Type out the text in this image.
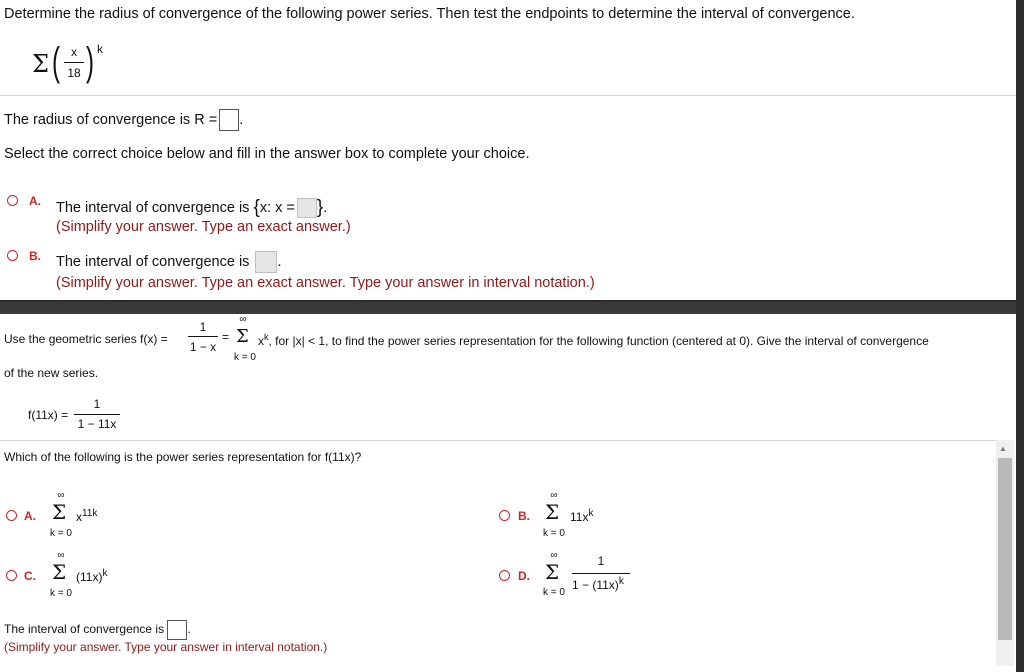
Determine the radius of convergence of the following power series. Then test the endpoints to determine the interval of convergence.
Σ ( x
18 ) k
The radius of convergence is R = .
Select the correct choice below and fill in the answer box to complete your choice.
A. The interval of convergence is {x: x = }.
(Simplify your answer. Type an exact answer.)
B. The interval of convergence is .
(Simplify your answer. Type an exact answer. Type your answer in interval notation.)
Use the geometric series f(x) =
1
1 − x
=
∞
Σ
k = 0
$x^k$, for |x| < 1, to find the power series representation for the following function (centered at 0). Give the interval of convergence
of the new series.
f(11x) =
1
1 − 11x
Which of the following is the power series representation for f(11x)?
A.
∞
Σ
k = 0
$x^{11k}$	B.
∞
Σ
k = 0
$11x^k$
C.
∞
Σ
k = 0
$(11x)^k$	D.
∞
Σ
k = 0
1
$1 - (11x)^k$
The interval of convergence is .
(Simplify your answer. Type your answer in interval notation.)
▲
